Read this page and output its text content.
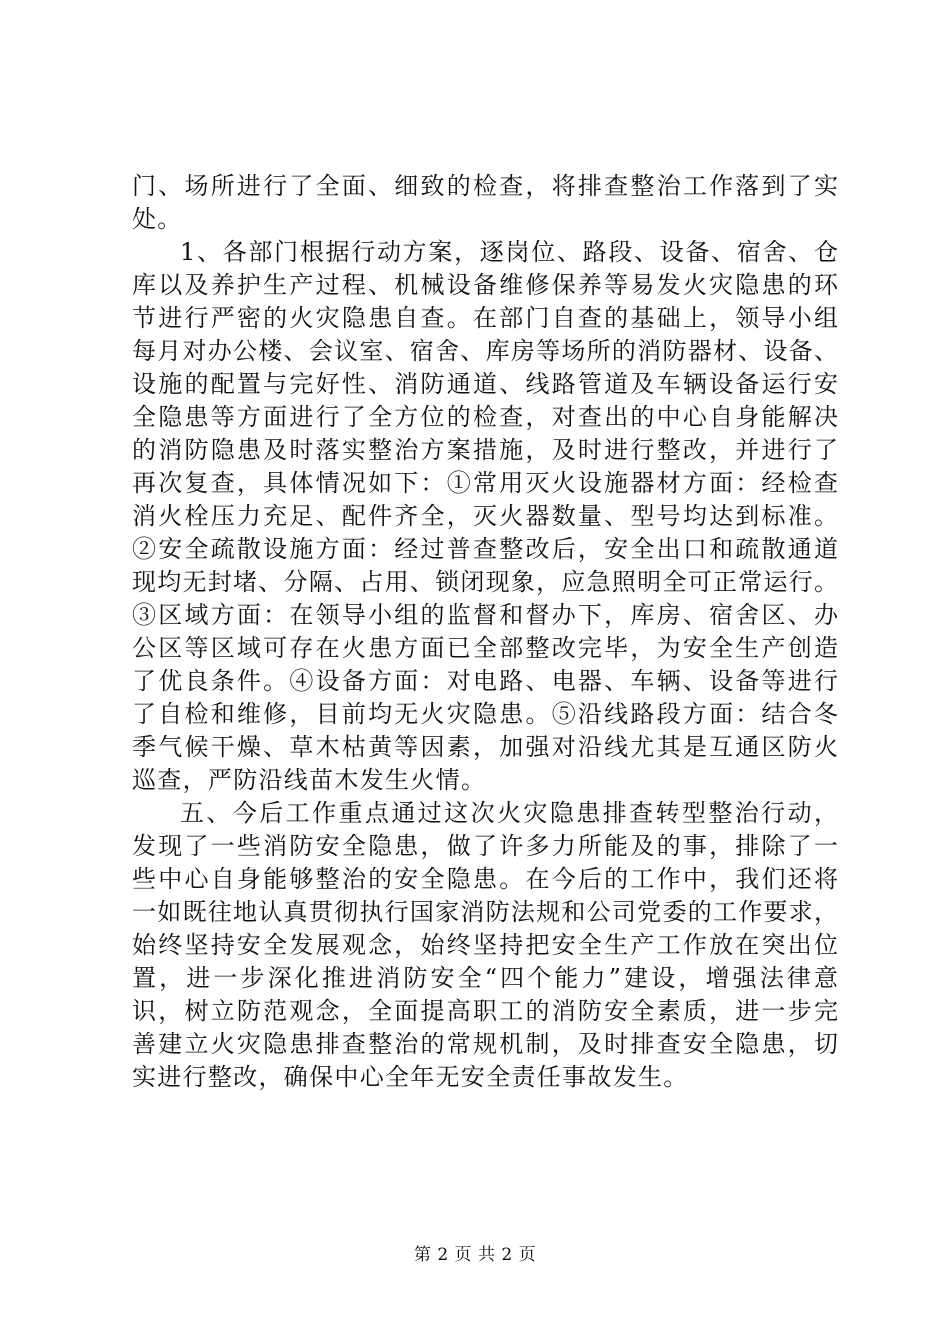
门、场所进行了全面、细致的检查，将排查整治工作落到了实
处。
1、各部门根据行动方案，逐岗位、路段、设备、宿舍、仓
库以及养护生产过程、机械设备维修保养等易发火灾隐患的环
节进行严密的火灾隐患自查。在部门自查的基础上，领导小组
每月对办公楼、会议室、宿舍、库房等场所的消防器材、设备、
设施的配置与完好性、消防通道、线路管道及车辆设备运行安
全隐患等方面进行了全方位的检查，对查出的中心自身能解决
的消防隐患及时落实整治方案措施，及时进行整改，并进行了
再次复查，具体情况如下：①常用灭火设施器材方面：经检查
消火栓压力充足、配件齐全，灭火器数量、型号均达到标准。
②安全疏散设施方面：经过普查整改后，安全出口和疏散通道
现均无封堵、分隔、占用、锁闭现象，应急照明全可正常运行。
③区域方面：在领导小组的监督和督办下，库房、宿舍区、办
公区等区域可存在火患方面已全部整改完毕，为安全生产创造
了优良条件。④设备方面：对电路、电器、车辆、设备等进行
了自检和维修，目前均无火灾隐患。⑤沿线路段方面：结合冬
季气候干燥、草木枯黄等因素，加强对沿线尤其是互通区防火
巡查，严防沿线苗木发生火情。
五、今后工作重点通过这次火灾隐患排查转型整治行动，
发现了一些消防安全隐患，做了许多力所能及的事，排除了一
些中心自身能够整治的安全隐患。在今后的工作中，我们还将
一如既往地认真贯彻执行国家消防法规和公司党委的工作要求，
始终坚持安全发展观念，始终坚持把安全生产工作放在突出位
置，进一步深化推进消防安全“四个能力”建设，增强法律意
识，树立防范观念，全面提高职工的消防安全素质，进一步完
善建立火灾隐患排查整治的常规机制，及时排查安全隐患，切
实进行整改，确保中心全年无安全责任事故发生。
第 2 页 共 2 页
